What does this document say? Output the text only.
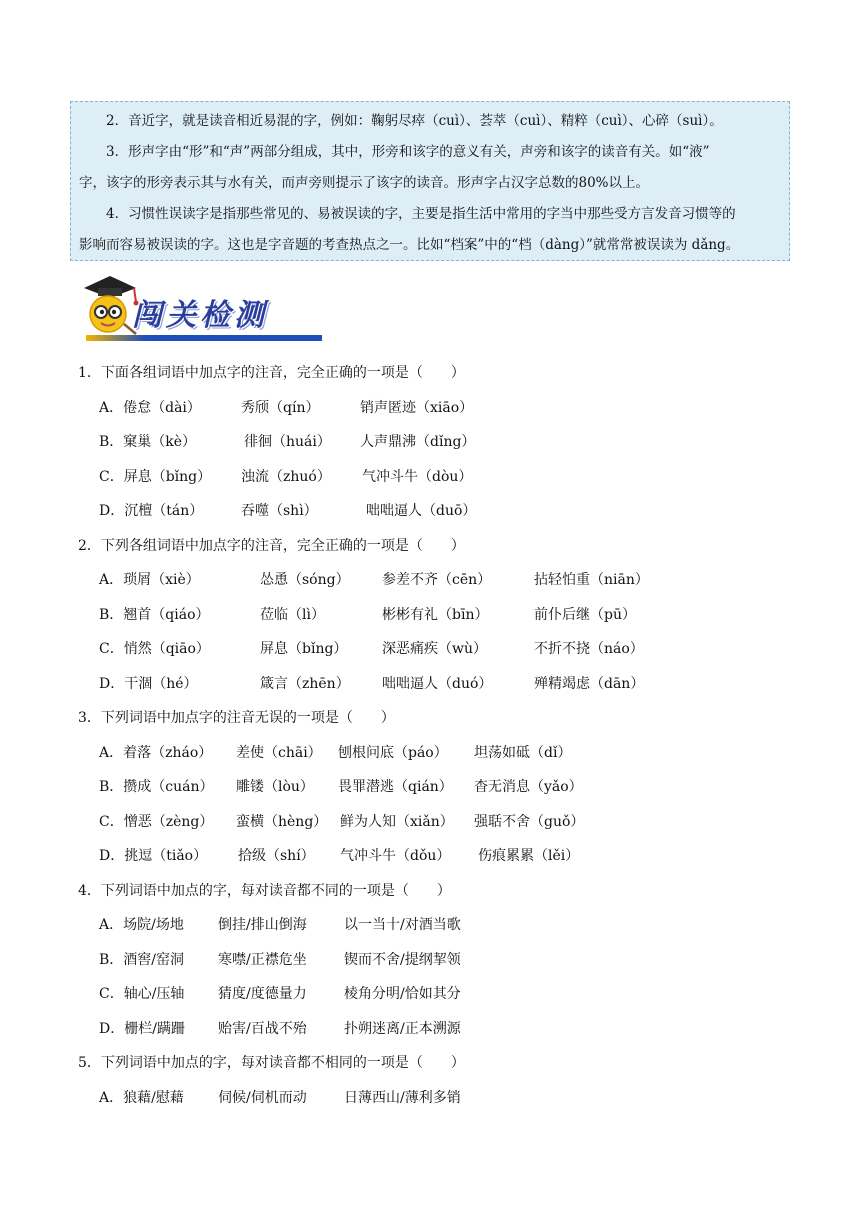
2．音近字，就是读音相近易混的字，例如：鞠躬尽瘁（cuì）、荟萃（cuì）、精粹（cuì）、心碎（suì）。

3．形声字由“形”和“声”两部分组成，其中，形旁和该字的意义有关，声旁和该字的读音有关。如“液”

字，该字的形旁表示其与水有关，而声旁则提示了该字的读音。形声字占汉字总数的80%以上。

4．习惯性误读字是指那些常见的、易被误读的字，主要是指生活中常用的字当中那些受方言发音习惯等的

影响而容易被误读的字。这也是字音题的考查热点之一。比如“档案”中的“档（dàng）”就常常被误读为 dǎng。

闯关检测
1．下面各组词语中加点字的注音，完全正确的一项是（　　）
A．倦怠（dài）	秀颀（qín）	销声匿迹（xiāo）
B．窠巢（kè）	徘徊（huái） 人声鼎沸（dǐng）
C．屏息（bǐng） 浊流（zhuó） 气冲斗牛（dòu）
D．沉檀（tán）	吞噬（shì）	咄咄逼人（duō）
2．下列各组词语中加点字的注音，完全正确的一项是（　　）
A．琐屑（xiè）	怂恿（sóng） 参差不齐（cēn）	拈轻怕重（niān）
B．翘首（qiáo）	莅临（lì）	彬彬有礼（bīn）	前仆后继（pū）
C．悄然（qiāo）	屏息（bǐng） 深恶痛疾（wù）	不折不挠（náo）
D．干涸（hé）	箴言（zhēn） 咄咄逼人（duó）	殚精竭虑（dān）
3．下列词语中加点字的注音无误的一项是（　　）
A．着落（zháo） 差使（chāi） 刨根问底（páo） 坦荡如砥（dǐ）
B．攒成（cuán） 雕镂（lòu） 畏罪潜逃（qián） 杳无消息（yǎo）
C．憎恶（zèng） 蛮横（hèng） 鲜为人知（xiǎn） 强聒不舍（guǒ）
D．挑逗（tiǎo） 拾级（shí） 气冲斗牛（dǒu） 伤痕累累（lěi）
4．下列词语中加点的字，每对读音都不同的一项是（　　）
A．场院/场地 倒挂/排山倒海	以一当十/对酒当歌
B．酒窖/窑洞 寒噤/正襟危坐	锲而不舍/提纲挈领
C．轴心/压轴 猜度/度德量力	棱角分明/恰如其分
D．栅栏/蹒跚 贻害/百战不殆	扑朔迷离/正本溯源
5．下列词语中加点的字，每对读音都不相同的一项是（　　）
A．狼藉/慰藉 伺候/伺机而动	日薄西山/薄利多销
